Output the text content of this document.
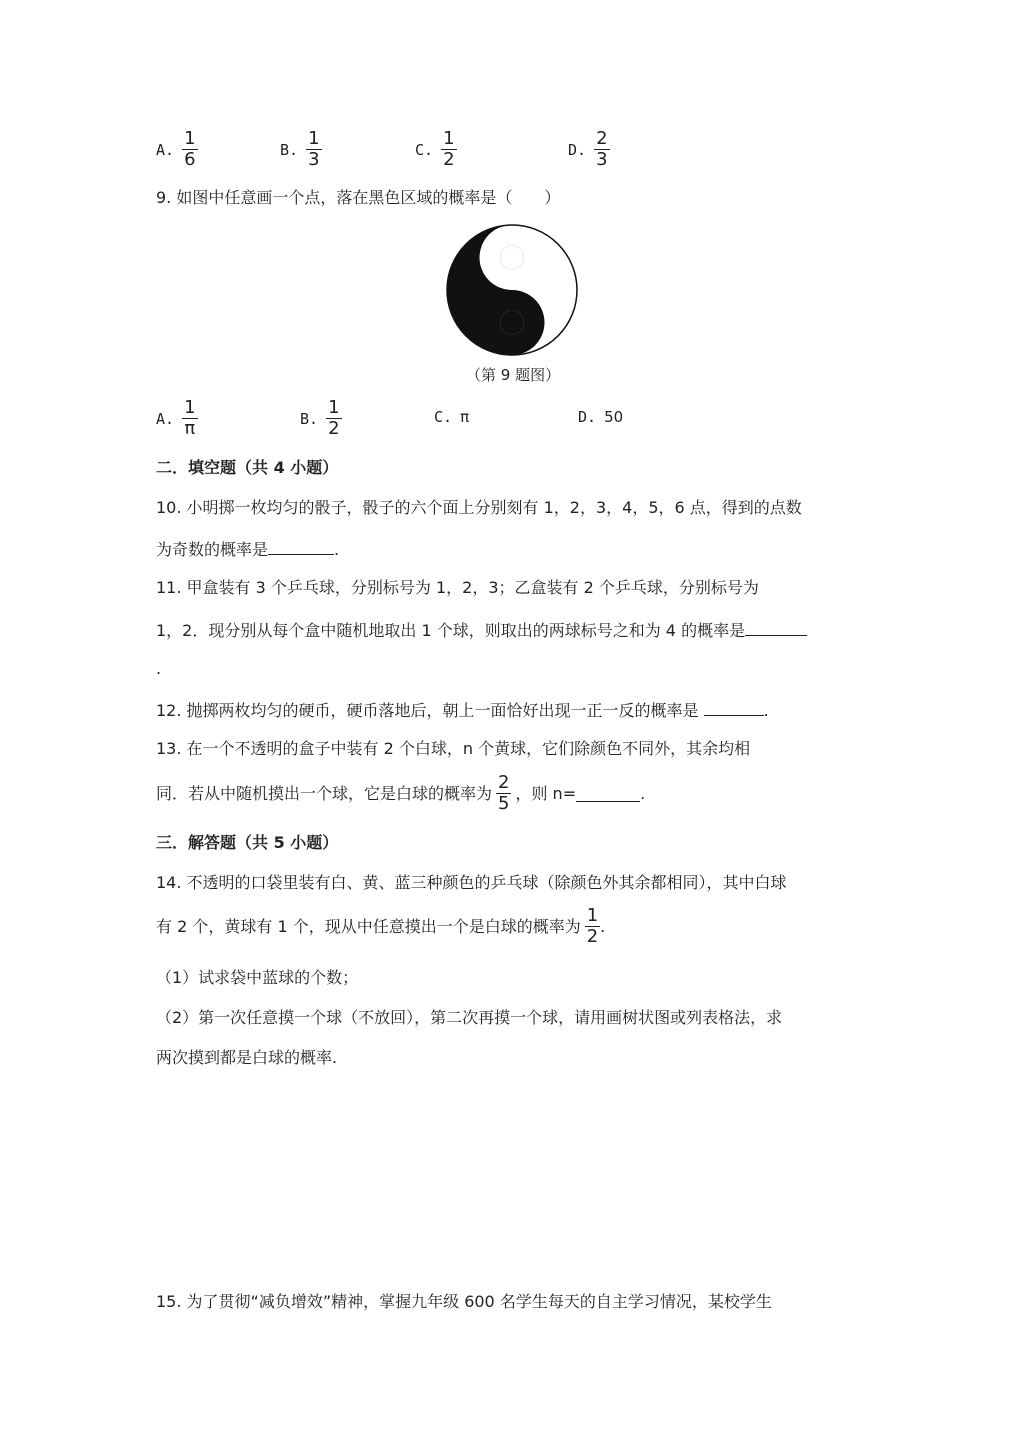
A. $\frac{1}{6}$	B. $\frac{1}{3}$	C. $\frac{1}{2}$	D. $\frac{2}{3}$
9. 如图中任意画一个点，落在黑色区域的概率是（　　）
（第 9 题图）
A. $\frac{1}{\pi}$	B. $\frac{1}{2}$	C. π	D. 50
二．填空题（共 4 小题）
10. 小明掷一枚均匀的骰子，骰子的六个面上分别刻有 1，2，3，4，5，6 点，得到的点数
为奇数的概率是	.
11. 甲盒装有 3 个乒乓球，分别标号为 1，2，3；乙盒装有 2 个乒乓球，分别标号为
1，2．现分别从每个盒中随机地取出 1 个球，则取出的两球标号之和为 4 的概率是
.
12. 抛掷两枚均匀的硬币，硬币落地后，朝上一面恰好出现一正一反的概率是	.
13. 在一个不透明的盒子中装有 2 个白球，n 个黄球，它们除颜色不同外，其余均相
同．若从中随机摸出一个球，它是白球的概率为 $\frac{2}{5}$ ，则 n=	.
三．解答题（共 5 小题）
14. 不透明的口袋里装有白、黄、蓝三种颜色的乒乓球（除颜色外其余都相同），其中白球
有 2 个，黄球有 1 个，现从中任意摸出一个是白球的概率为 $\frac{1}{2}$ .
（1）试求袋中蓝球的个数；
（2）第一次任意摸一个球（不放回），第二次再摸一个球，请用画树状图或列表格法，求
两次摸到都是白球的概率.
15. 为了贯彻“减负增效”精神，掌握九年级 600 名学生每天的自主学习情况，某校学生
